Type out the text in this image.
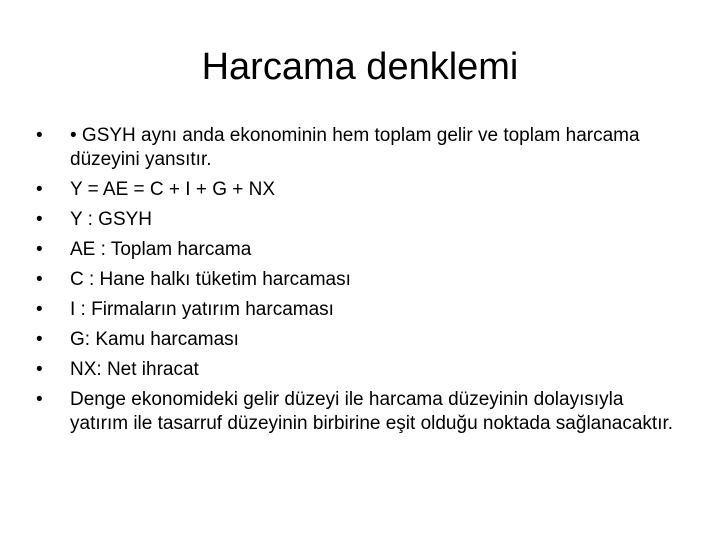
Harcama denklemi
•	• GSYH aynı anda ekonominin hem toplam gelir ve toplam harcama düzeyini yansıtır.
•	Y = AE = C + I + G + NX
•	Y : GSYH
•	AE : Toplam harcama
•	C : Hane halkı tüketim harcaması
•	I : Firmaların yatırım harcaması
•	G: Kamu harcaması
•	NX: Net ihracat
•	Denge ekonomideki gelir düzeyi ile harcama düzeyinin dolayısıyla yatırım ile tasarruf düzeyinin birbirine eşit olduğu noktada sağlanacaktır.
